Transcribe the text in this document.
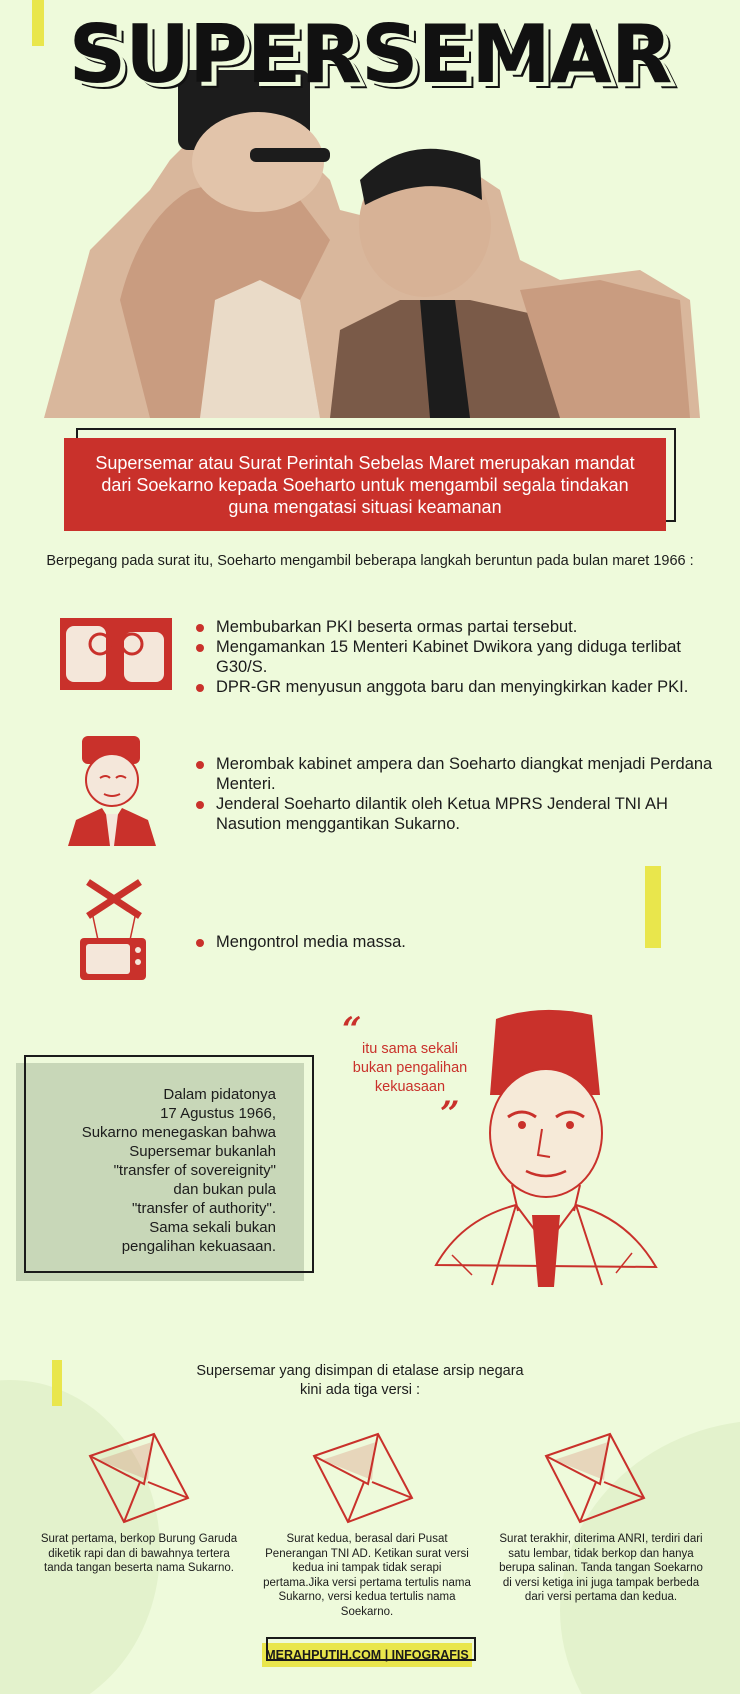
SUPERSEMAR
Supersemar atau Surat Perintah Sebelas Maret merupakan mandat dari Soekarno kepada Soeharto untuk mengambil segala tindakan guna mengatasi situasi keamanan
Berpegang pada surat itu, Soeharto mengambil beberapa langkah beruntun pada bulan maret 1966 :
Membubarkan PKI beserta ormas partai tersebut.
Mengamankan 15 Menteri Kabinet Dwikora yang diduga terlibat G30/S.
DPR-GR menyusun anggota baru dan menyingkirkan kader PKI.
Merombak kabinet ampera dan Soeharto diangkat menjadi Perdana Menteri.
Jenderal Soeharto dilantik oleh Ketua MPRS Jenderal TNI AH Nasution menggantikan Sukarno.
Mengontrol media massa.
Dalam pidatonya
17 Agustus 1966,
Sukarno menegaskan bahwa
Supersemar bukanlah
"transfer of sovereignity"
dan bukan pula
"transfer of authority".
Sama sekali bukan
pengalihan kekuasaan.
“ itu sama sekali
bukan pengalihan
kekuasaan
”
Supersemar yang disimpan di etalase arsip negara
kini ada tiga versi :
Surat pertama, berkop Burung Garuda diketik rapi dan di bawahnya tertera tanda tangan beserta nama Sukarno.
Surat kedua, berasal dari Pusat Penerangan TNI AD. Ketikan surat versi kedua ini tampak tidak serapi pertama.Jika versi pertama tertulis nama Sukarno, versi kedua tertulis nama Soekarno.
Surat terakhir, diterima ANRI, terdiri dari satu lembar, tidak berkop dan hanya berupa salinan. Tanda tangan Soekarno di versi ketiga ini juga tampak berbeda dari versi pertama dan kedua.
MERAHPUTIH.COM | INFOGRAFIS
